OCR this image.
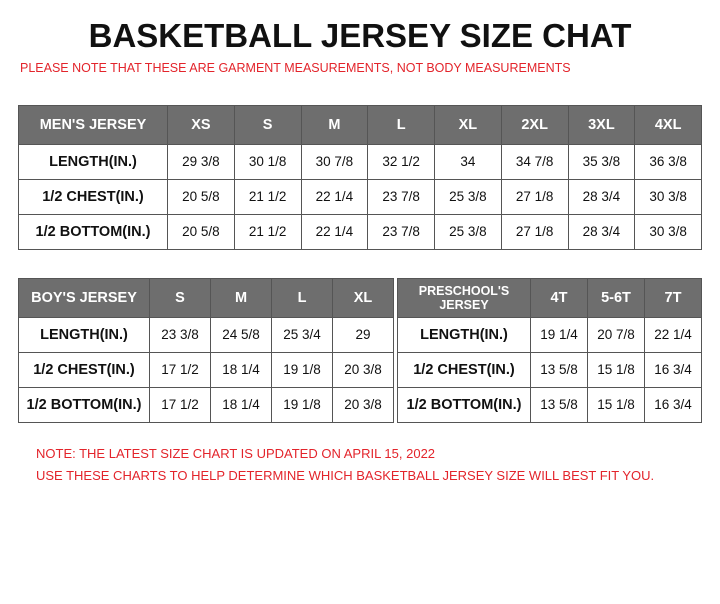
BASKETBALL JERSEY SIZE CHAT
PLEASE NOTE THAT THESE ARE GARMENT MEASUREMENTS, NOT BODY MEASUREMENTS
MEN'S JERSEY	XS	S	M	L	XL	2XL	3XL	4XL
LENGTH(IN.)	29 3/8	30 1/8	30 7/8	32 1/2	34	34 7/8	35 3/8	36 3/8
1/2 CHEST(IN.)	20 5/8	21 1/2	22 1/4	23 7/8	25 3/8	27 1/8	28 3/4	30 3/8
1/2 BOTTOM(IN.)	20 5/8	21 1/2	22 1/4	23 7/8	25 3/8	27 1/8	28 3/4	30 3/8
BOY'S JERSEY	S	M	L	XL
LENGTH(IN.)	23 3/8	24 5/8	25 3/4	29
1/2 CHEST(IN.)	17 1/2	18 1/4	19 1/8	20 3/8
1/2 BOTTOM(IN.)	17 1/2	18 1/4	19 1/8	20 3/8
PRESCHOOL'S JERSEY	4T	5-6T	7T
LENGTH(IN.)	19 1/4	20 7/8	22 1/4
1/2 CHEST(IN.)	13 5/8	15 1/8	16 3/4
1/2 BOTTOM(IN.)	13 5/8	15 1/8	16 3/4
NOTE: THE LATEST SIZE CHART IS UPDATED ON APRIL 15, 2022
USE THESE CHARTS TO HELP DETERMINE WHICH BASKETBALL JERSEY SIZE WILL BEST FIT YOU.
